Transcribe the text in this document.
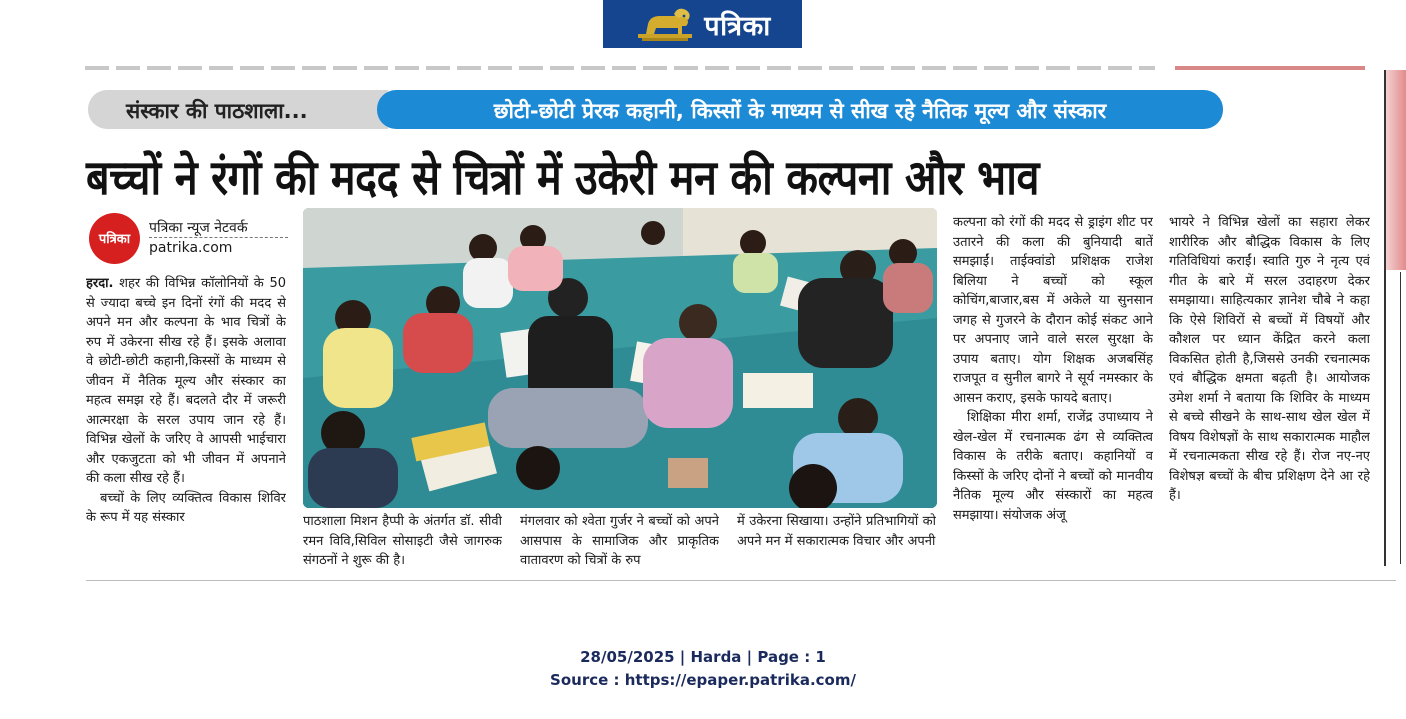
पत्रिका
संस्कार की पाठशाला...	छोटी-छोटी प्रेरक कहानी, किस्सों के माध्यम से सीख रहे नैतिक मूल्य और संस्कार
बच्चों ने रंगों की मदद से चित्रों में उकेरी मन की कल्पना और भाव
पत्रिका
पत्रिका न्यूज नेटवर्क
patrika.com

हरदा. शहर की विभिन्न कॉलोनियों के 50 से ज्यादा बच्चे इन दिनों रंगों की मदद से अपने मन और कल्पना के भाव चित्रों के रुप में उकेरना सीख रहे हैं। इसके अलावा वे छोटी-छोटी कहानी,किस्सों के माध्यम से जीवन में नैतिक मूल्य और संस्कार का महत्व समझ रहे हैं। बदलते दौर में जरूरी आत्मरक्षा के सरल उपाय जान रहे हैं। विभिन्न खेलों के जरिए वे आपसी भाईचारा और एकजुटता को भी जीवन में अपनाने की कला सीख रहे हैं।

बच्चों के लिए व्यक्तित्व विकास शिविर के रूप में यह संस्कार	पाठशाला मिशन हैप्पी के अंतर्गत डॉ. सीवी रमन विवि,सिविल सोसाइटी जैसे जागरुक संगठनों ने शुरू की है।

मंगलवार को श्वेता गुर्जर ने बच्चों को अपने आसपास के सामाजिक और प्राकृतिक वातावरण को चित्रों के रुप

में उकेरना सिखाया। उन्होंने प्रतिभागियों को अपने मन में सकारात्मक विचार और अपनी

कल्पना को रंगों की मदद से ड्राइंग शीट पर उतारने की कला की बुनियादी बातें समझाईं। ताईक्वांडो प्रशिक्षक राजेश बिलिया ने बच्चों को स्कूल कोचिंग,बाजार,बस में अकेले या सुनसान जगह से गुजरने के दौरान कोई संकट आने पर अपनाए जाने वाले सरल सुरक्षा के उपाय बताए। योग शिक्षक अजबसिंह राजपूत व सुनील बागरे ने सूर्य नमस्कार के आसन कराए, इसके फायदे बताए।

शिक्षिका मीरा शर्मा, राजेंद्र उपाध्याय ने खेल-खेल में रचनात्मक ढंग से व्यक्तित्व विकास के तरीके बताए। कहानियों व किस्सों के जरिए दोनों ने बच्चों को मानवीय नैतिक मूल्य और संस्कारों का महत्व समझाया। संयोजक अंजू

भायरे ने विभिन्न खेलों का सहारा लेकर शारीरिक और बौद्धिक विकास के लिए गतिविधियां कराईं। स्वाति गुरु ने नृत्य एवं गीत के बारे में सरल उदाहरण देकर समझाया। साहित्यकार ज्ञानेश चौबे ने कहा कि ऐसे शिविरों से बच्चों में विषयों और कौशल पर ध्यान केंद्रित करने कला विकसित होती है,जिससे उनकी रचनात्मक एवं बौद्धिक क्षमता बढ़ती है। आयोजक उमेश शर्मा ने बताया कि शिविर के माध्यम से बच्चे सीखने के साथ-साथ खेल खेल में विषय विशेषज्ञों के साथ सकारात्मक माहौल में रचनात्मकता सीख रहे हैं। रोज नए-नए विशेषज्ञ बच्चों के बीच प्रशिक्षण देने आ रहे हैं।

28/05/2025 | Harda | Page : 1
Source : https://epaper.patrika.com/
